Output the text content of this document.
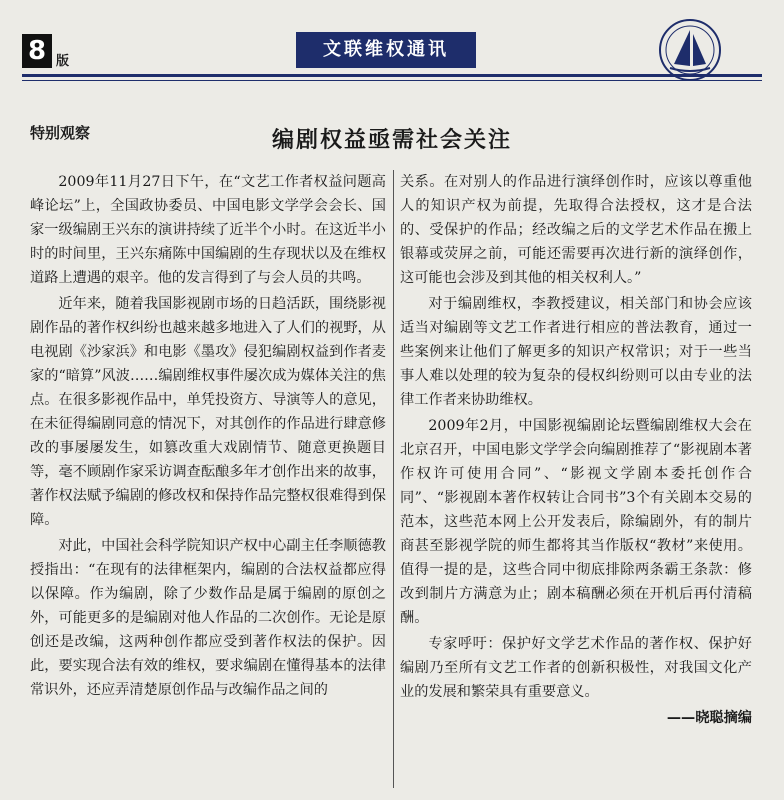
8 版
文联维权通讯
特别观察	编剧权益亟需社会关注

2009年11月27日下午，在“文艺工作者权益问题高峰论坛”上，全国政协委员、中国电影文学学会会长、国家一级编剧王兴东的演讲持续了近半个小时。在这近半小时的时间里，王兴东痛陈中国编剧的生存现状以及在维权道路上遭遇的艰辛。他的发言得到了与会人员的共鸣。

近年来，随着我国影视剧市场的日趋活跃，围绕影视剧作品的著作权纠纷也越来越多地进入了人们的视野，从电视剧《沙家浜》和电影《墨攻》侵犯编剧权益到作者麦家的“暗算”风波……编剧维权事件屡次成为媒体关注的焦点。在很多影视作品中，单凭投资方、导演等人的意见，在未征得编剧同意的情况下，对其创作的作品进行肆意修改的事屡屡发生，如篡改重大戏剧情节、随意更换题目等，毫不顾剧作家采访调查酝酿多年才创作出来的故事，著作权法赋予编剧的修改权和保持作品完整权很难得到保障。

对此，中国社会科学院知识产权中心副主任李顺德教授指出：“在现有的法律框架内，编剧的合法权益都应得以保障。作为编剧，除了少数作品是属于编剧的原创之外，可能更多的是编剧对他人作品的二次创作。无论是原创还是改编，这两种创作都应受到著作权法的保护。因此，要实现合法有效的维权，要求编剧在懂得基本的法律常识外，还应弄清楚原创作品与改编作品之间的

关系。在对别人的作品进行演绎创作时，应该以尊重他人的知识产权为前提，先取得合法授权，这才是合法的、受保护的作品；经改编之后的文学艺术作品在搬上银幕或荧屏之前，可能还需要再次进行新的演绎创作，这可能也会涉及到其他的相关权利人。”

对于编剧维权，李教授建议，相关部门和协会应该适当对编剧等文艺工作者进行相应的普法教育，通过一些案例来让他们了解更多的知识产权常识；对于一些当事人难以处理的较为复杂的侵权纠纷则可以由专业的法律工作者来协助维权。

2009年2月，中国影视编剧论坛暨编剧维权大会在北京召开，中国电影文学学会向编剧推荐了“影视剧本著作权许可使用合同”、“影视文学剧本委托创作合同”、“影视剧本著作权转让合同书”3个有关剧本交易的范本，这些范本网上公开发表后，除编剧外，有的制片商甚至影视学院的师生都将其当作版权“教材”来使用。值得一提的是，这些合同中彻底排除两条霸王条款：修改到制片方满意为止；剧本稿酬必须在开机后再付清稿酬。

专家呼吁：保护好文学艺术作品的著作权、保护好编剧乃至所有文艺工作者的创新积极性，对我国文化产业的发展和繁荣具有重要意义。

——晓聪摘编
